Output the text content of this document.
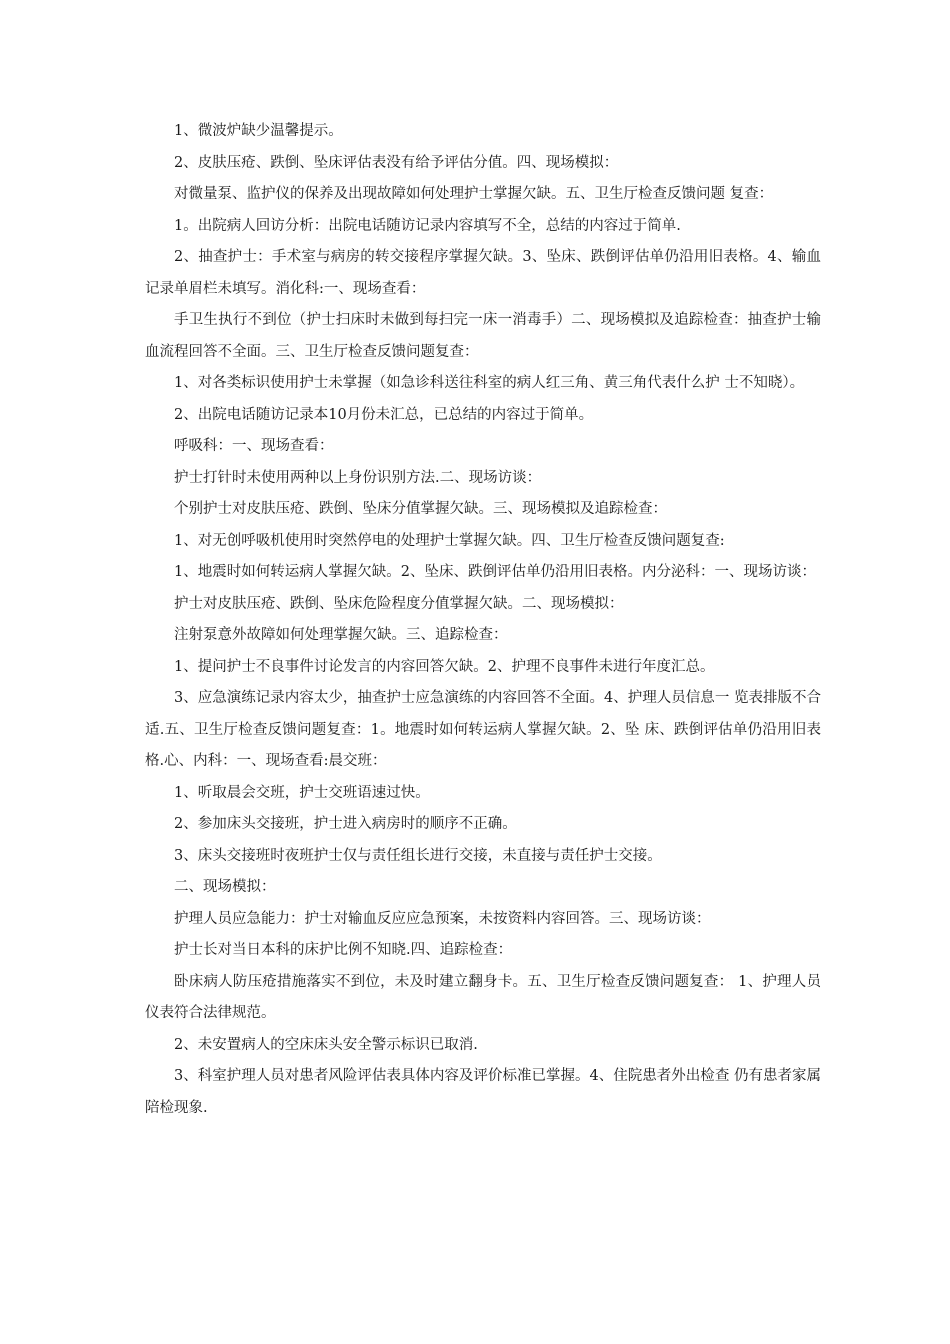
1、微波炉缺少温馨提示。

2、皮肤压疮、跌倒、坠床评估表没有给予评估分值。四、现场模拟：

对微量泵、监护仪的保养及出现故障如何处理护士掌握欠缺。五、卫生厅检查反馈问题 复查：

1。出院病人回访分析：出院电话随访记录内容填写不全，总结的内容过于简单.

2、抽查护士：手术室与病房的转交接程序掌握欠缺。3、坠床、跌倒评估单仍沿用旧表格。4、输血记录单眉栏未填写。消化科:一、现场查看：

手卫生执行不到位（护士扫床时未做到每扫完一床一消毒手）二、现场模拟及追踪检查：抽查护士输血流程回答不全面。三、卫生厅检查反馈问题复查：

1、对各类标识使用护士未掌握（如急诊科送往科室的病人红三角、黄三角代表什么护 士不知晓）。

2、出院电话随访记录本10月份未汇总，已总结的内容过于简单。

呼吸科：一、现场查看：

护士打针时未使用两种以上身份识别方法.二、现场访谈：

个别护士对皮肤压疮、跌倒、坠床分值掌握欠缺。三、现场模拟及追踪检查：

1、对无创呼吸机使用时突然停电的处理护士掌握欠缺。四、卫生厅检查反馈问题复查:

1、地震时如何转运病人掌握欠缺。2、坠床、跌倒评估单仍沿用旧表格。内分泌科：一、现场访谈：

护士对皮肤压疮、跌倒、坠床危险程度分值掌握欠缺。二、现场模拟：

注射泵意外故障如何处理掌握欠缺。三、追踪检查：

1、提问护士不良事件讨论发言的内容回答欠缺。2、护理不良事件未进行年度汇总。

3、应急演练记录内容太少，抽查护士应急演练的内容回答不全面。4、护理人员信息一 览表排版不合适.五、卫生厅检查反馈问题复查：1。地震时如何转运病人掌握欠缺。2、坠 床、跌倒评估单仍沿用旧表格.心、内科：一、现场查看:晨交班：

1、听取晨会交班，护士交班语速过快。

2、参加床头交接班，护士进入病房时的顺序不正确。

3、床头交接班时夜班护士仅与责任组长进行交接，未直接与责任护士交接。

二、现场模拟：

护理人员应急能力：护士对输血反应应急预案，未按资料内容回答。三、现场访谈：

护士长对当日本科的床护比例不知晓.四、追踪检查：

卧床病人防压疮措施落实不到位，未及时建立翻身卡。五、卫生厅检查反馈问题复查： 1、护理人员仪表符合法律规范。

2、未安置病人的空床床头安全警示标识已取消.

3、科室护理人员对患者风险评估表具体内容及评价标准已掌握。4、住院患者外出检查 仍有患者家属陪检现象.
